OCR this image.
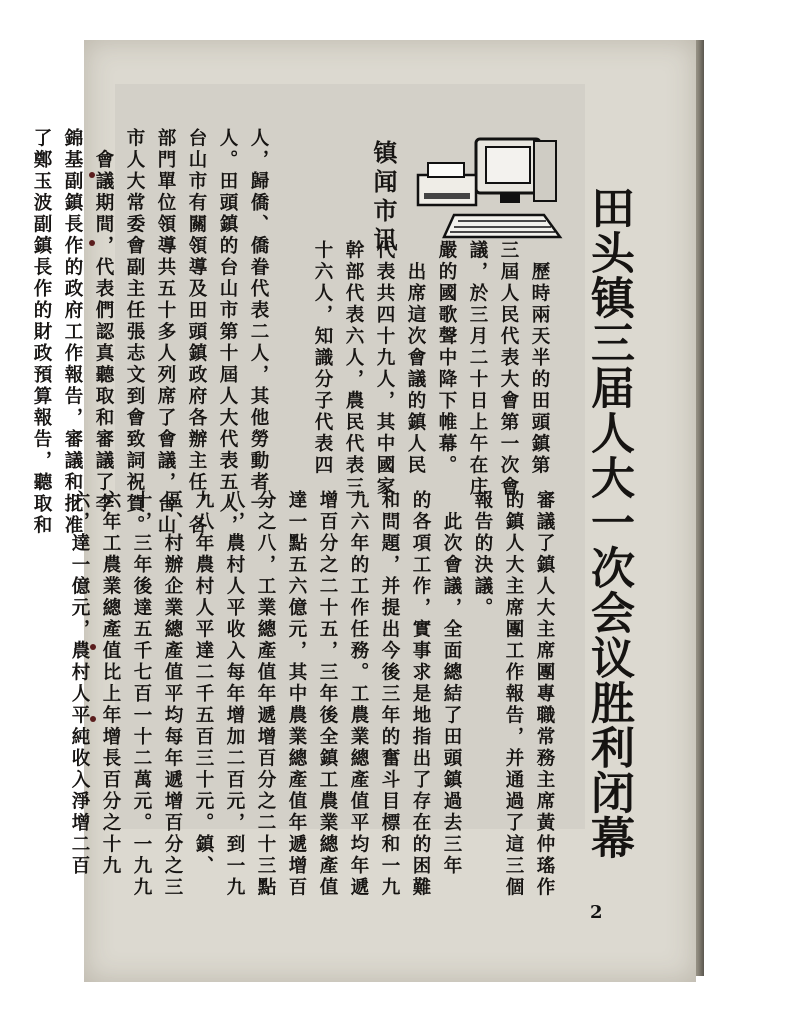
田头镇三届人大一次会议胜利闭幕
镇闻市讯
　歷時兩天半的田頭鎮第
三屆人民代表大會第一次會
議，於三月二十日上午在庄
嚴的國歌聲中降下帷幕。
　出席這次會議的鎮人民
代表共四十九人，其中國家
幹部代表六人，農民代表三
十六人，知識分子代表四
人，歸僑、僑眷代表二人，其他勞動者一
人。田頭鎮的台山市第十屆人大代表五人，
台山市有關領導及田頭鎮政府各辦主任，各
部門單位領導共五十多人列席了會議，台山
市人大常委會副主任張志文到會致詞祝賀。
　會議期間，代表們認真聽取和審議了李
錦基副鎮長作的政府工作報告，審議和批准
了鄭玉波副鎮長作的財政預算報告，聽取和
審議了鎮人大主席團專職常務主席黃仲瑤作
的鎮人大主席團工作報告，并通過了這三個
報告的決議。
　此次會議，全面總結了田頭鎮過去三年
的各項工作，實事求是地指出了存在的困難
和問題，并提出今後三年的奮斗目標和一九
九六年的工作任務。工農業總產值平均年遞
增百分之二十五，三年後全鎮工農業總產值
達一點五六億元，其中農業總產值年遞增百
分之八，工業總產值年遞增百分之二十三點
八，農村人平收入每年增加二百元，到一九
九八年農村人平達二千五百三十元。鎮、
區、村辦企業總產值平均每年遞增百分之三
十，三年後達五千七百一十二萬元。一九九
六年工農業總產值比上年增長百分之十九
六，達一億元，農村人平純收入淨增二百
2
